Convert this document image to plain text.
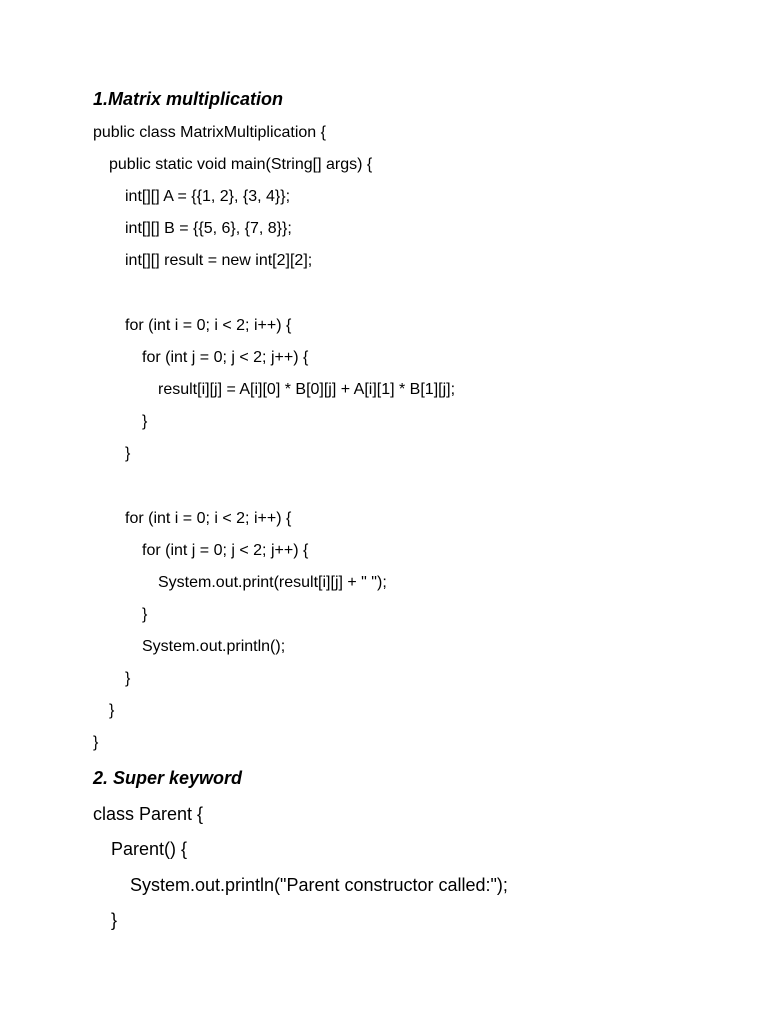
1.Matrix multiplication
public class MatrixMultiplication {
public static void main(String[] args) {
int[][] A = {{1, 2}, {3, 4}};
int[][] B = {{5, 6}, {7, 8}};
int[][] result = new int[2][2];
for (int i = 0; i < 2; i++) {
for (int j = 0; j < 2; j++) {
result[i][j] = A[i][0] * B[0][j] + A[i][1] * B[1][j];
}
}
for (int i = 0; i < 2; i++) {
for (int j = 0; j < 2; j++) {
System.out.print(result[i][j] + " ");
}
System.out.println();
}
}
}
2. Super keyword
class Parent {
Parent() {
System.out.println("Parent constructor called:");
}
